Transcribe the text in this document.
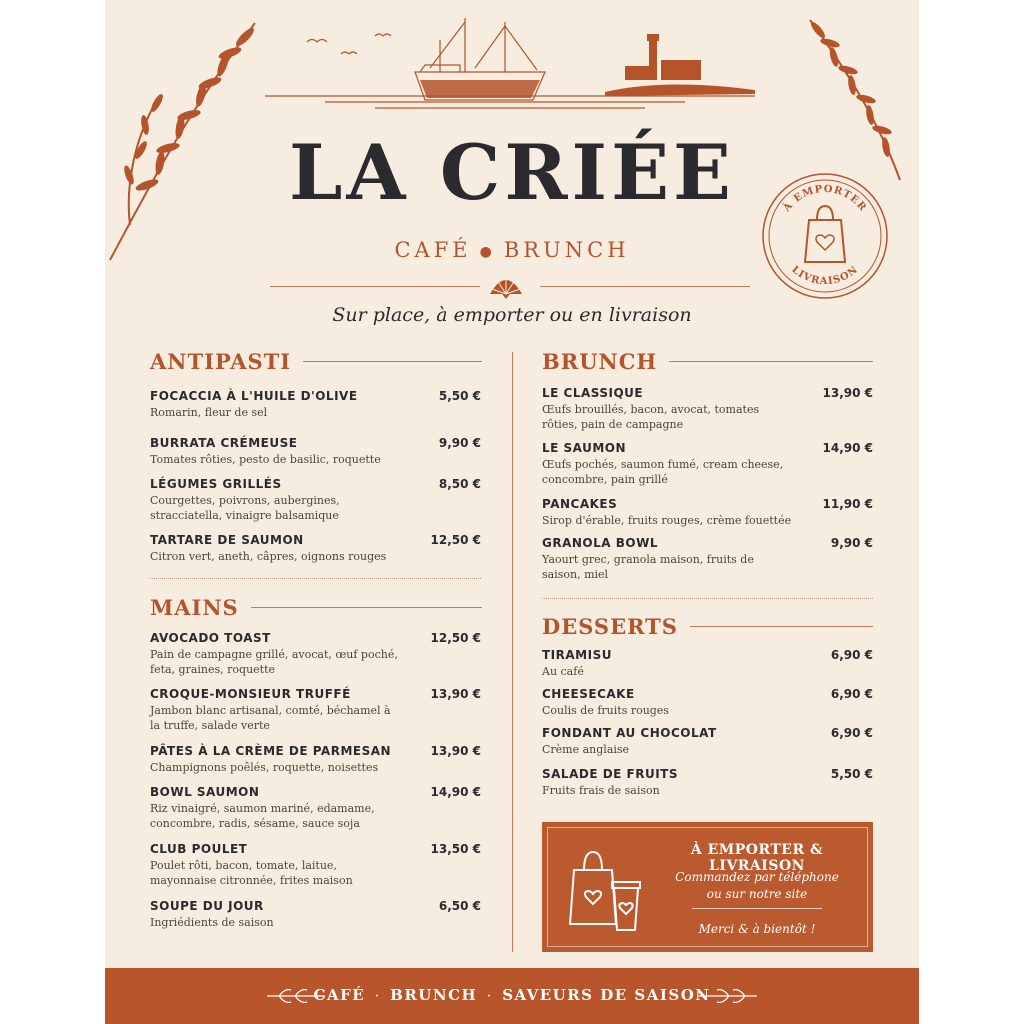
LA CRIÉE
CAFÉ ● BRUNCH
Sur place, à emporter ou en livraison
À EMPORTER
LIVRAISON
ANTIPASTI
FOCACCIA À L'HUILE D'OLIVE	5,50 €
Romarin, fleur de sel
BURRATA CRÉMEUSE	9,90 €
Tomates rôties, pesto de basilic, roquette
LÉGUMES GRILLÉS	8,50 €
Courgettes, poivrons, aubergines, stracciatella, vinaigre balsamique
TARTARE DE SAUMON	12,50 €
Citron vert, aneth, câpres, oignons rouges
MAINS
AVOCADO TOAST	12,50 €
Pain de campagne grillé, avocat, œuf poché, feta, graines, roquette
CROQUE-MONSIEUR TRUFFÉ	13,90 €
Jambon blanc artisanal, comté, béchamel à la truffe, salade verte
PÂTES À LA CRÈME DE PARMESAN	13,90 €
Champignons poêlés, roquette, noisettes
BOWL SAUMON	14,90 €
Riz vinaigré, saumon mariné, edamame, concombre, radis, sésame, sauce soja
CLUB POULET	13,50 €
Poulet rôti, bacon, tomate, laitue, mayonnaise citronnée, frites maison
SOUPE DU JOUR	6,50 €
Ingriédients de saison
BRUNCH
LE CLASSIQUE	13,90 €
Œufs brouillés, bacon, avocat, tomates rôties, pain de campagne
LE SAUMON	14,90 €
Œufs pochés, saumon fumé, cream cheese, concombre, pain grillé
PANCAKES	11,90 €
Sirop d'érable, fruits rouges, crème fouettée
GRANOLA BOWL	9,90 €
Yaourt grec, granola maison, fruits de saison, miel
DESSERTS
TIRAMISU	6,90 €
Au café
CHEESECAKE	6,90 €
Coulis de fruits rouges
FONDANT AU CHOCOLAT	6,90 €
Crème anglaise
SALADE DE FRUITS	5,50 €
Fruits frais de saison
À EMPORTER & LIVRAISON
Commandez par téléphone
ou sur notre site
Merci & à bientôt !
CAFÉ · BRUNCH · SAVEURS DE SAISON
